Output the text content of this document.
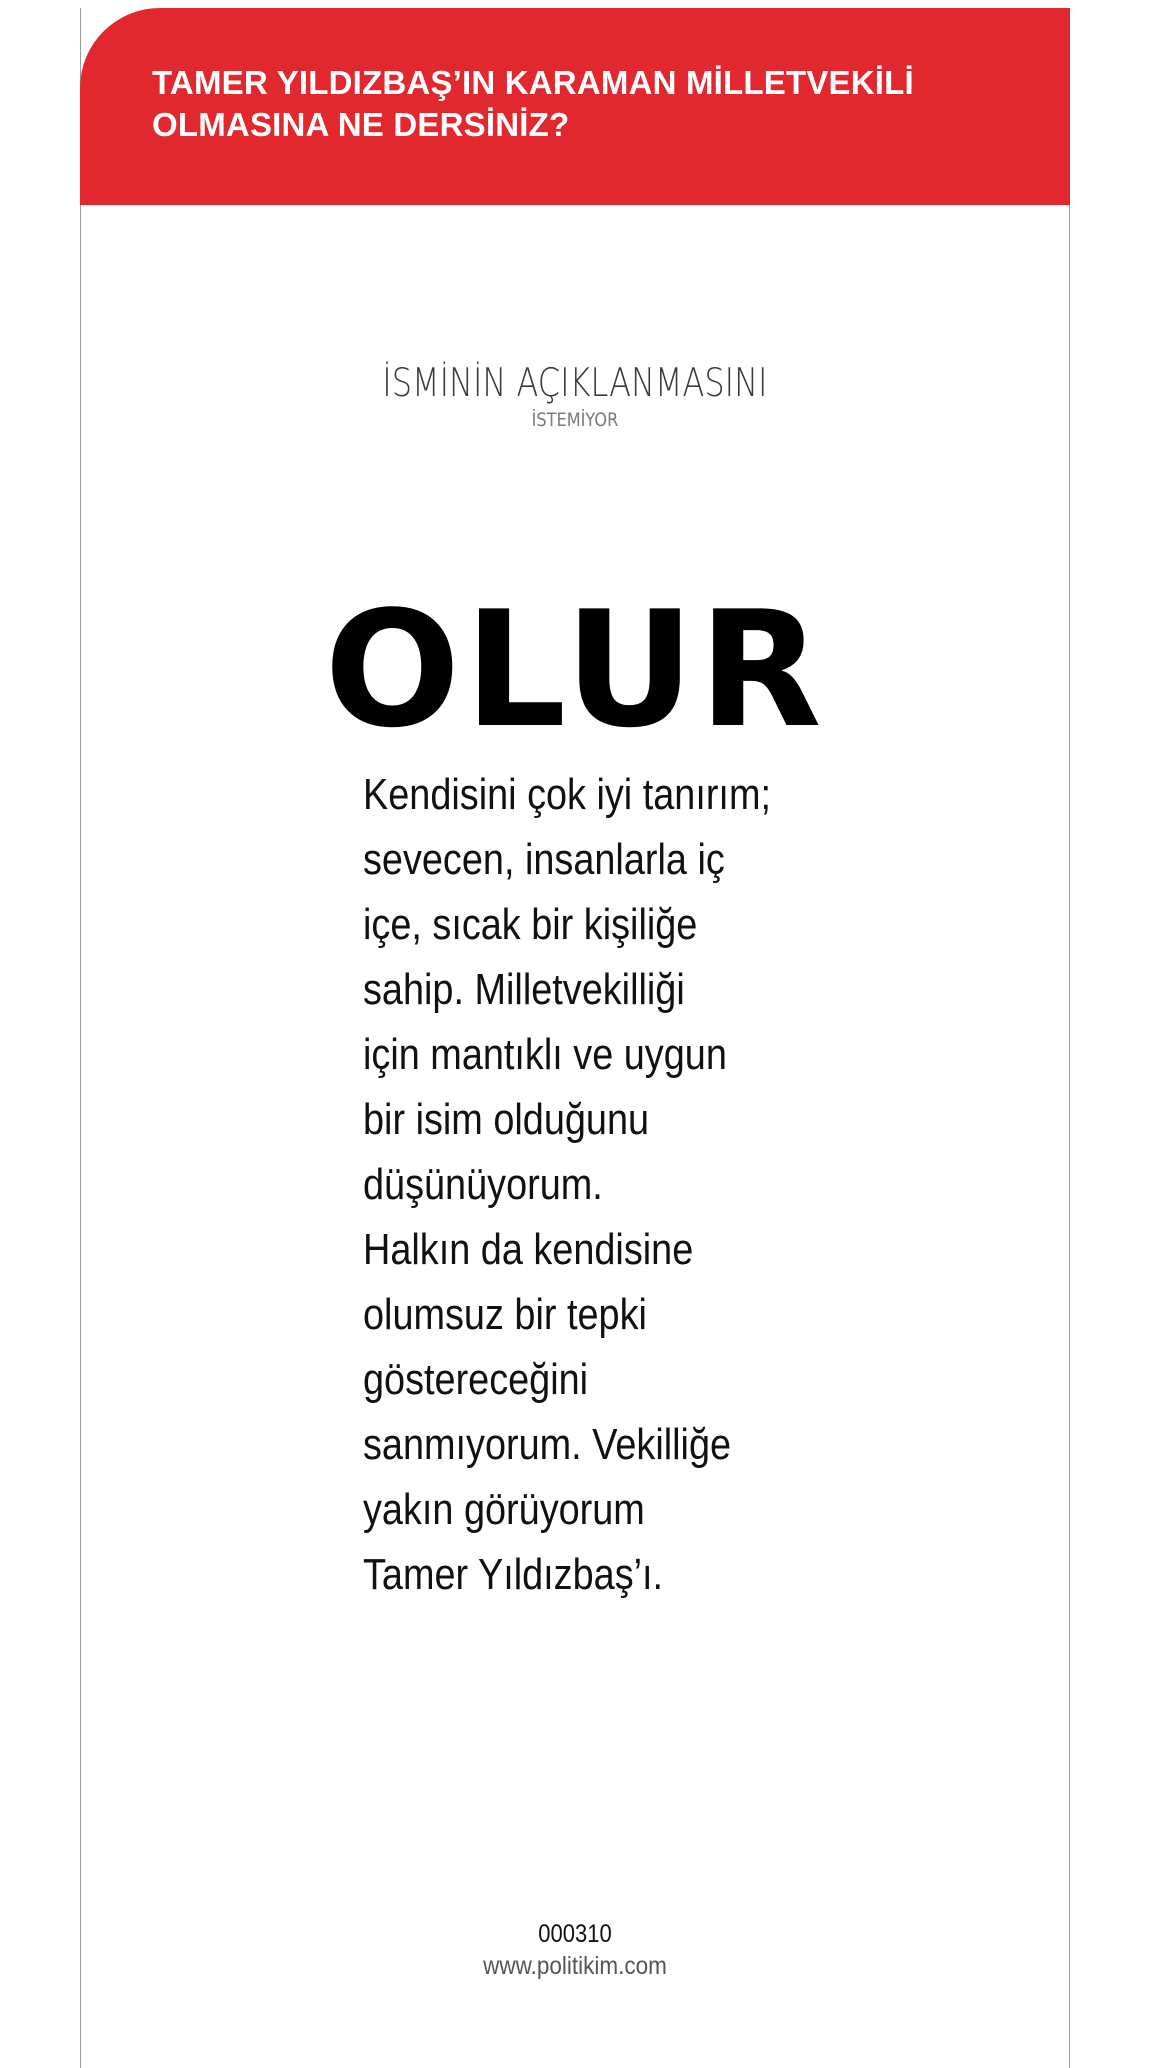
TAMER YILDIZBAŞ’IN KARAMAN MİLLETVEKİLİ
OLMASINA NE DERSİNİZ?
İSMİNİN AÇIKLANMASINI
İSTEMİYOR
OLUR

Kendisini çok iyi tanırım;
sevecen, insanlarla iç
içe, sıcak bir kişiliğe
sahip. Milletvekilliği
için mantıklı ve uygun
bir isim olduğunu
düşünüyorum.
Halkın da kendisine
olumsuz bir tepki
göstereceğini
sanmıyorum. Vekilliğe
yakın görüyorum
Tamer Yıldızbaş’ı.

000310
www.politikim.com
